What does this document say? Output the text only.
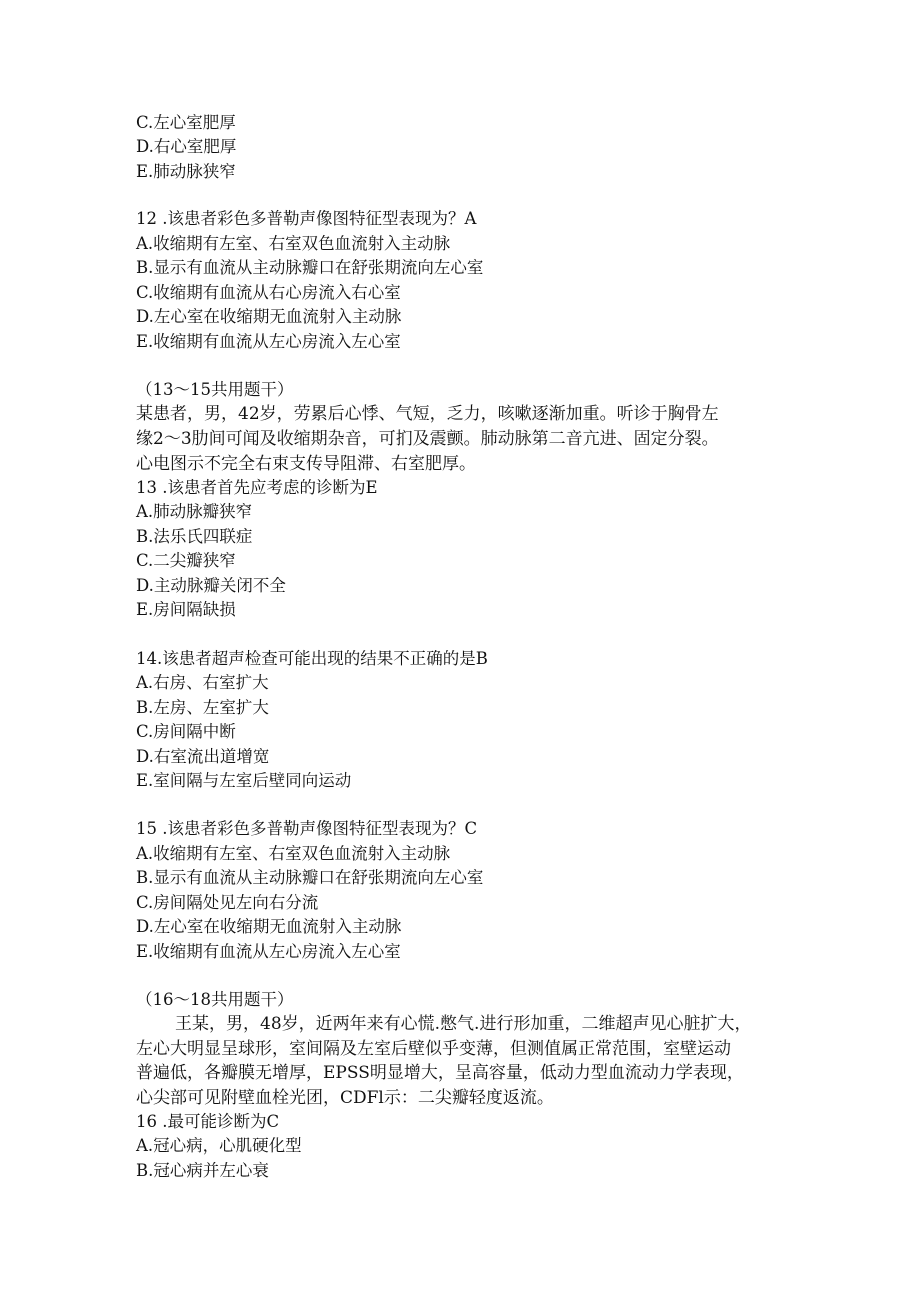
C.左心室肥厚

D.右心室肥厚

E.肺动脉狭窄

12 .该患者彩色多普勒声像图特征型表现为？A

A.收缩期有左室、右室双色血流射入主动脉

B.显示有血流从主动脉瓣口在舒张期流向左心室

C.收缩期有血流从右心房流入右心室

D.左心室在收缩期无血流射入主动脉

E.收缩期有血流从左心房流入左心室

（13～15共用题干）

某患者，男，42岁，劳累后心悸、气短，乏力，咳嗽逐渐加重。听诊于胸骨左

缘2～3肋间可闻及收缩期杂音，可扪及震颤。肺动脉第二音亢进、固定分裂。

心电图示不完全右束支传导阻滞、右室肥厚。

13 .该患者首先应考虑的诊断为E

A.肺动脉瓣狭窄

B.法乐氏四联症

C.二尖瓣狭窄

D.主动脉瓣关闭不全

E.房间隔缺损

14.该患者超声检查可能出现的结果不正确的是B

A.右房、右室扩大

B.左房、左室扩大

C.房间隔中断

D.右室流出道增宽

E.室间隔与左室后壁同向运动

15 .该患者彩色多普勒声像图特征型表现为？C

A.收缩期有左室、右室双色血流射入主动脉

B.显示有血流从主动脉瓣口在舒张期流向左心室

C.房间隔处见左向右分流

D.左心室在收缩期无血流射入主动脉

E.收缩期有血流从左心房流入左心室

（16～18共用题干）

王某，男，48岁，近两年来有心慌.憋气.进行形加重，二维超声见心脏扩大，

左心大明显呈球形，室间隔及左室后壁似乎变薄，但测值属正常范围，室壁运动

普遍低，各瓣膜无增厚，EPSS明显增大，呈高容量，低动力型血流动力学表现，

心尖部可见附壁血栓光团，CDFl示：二尖瓣轻度返流。

16 .最可能诊断为C

A.冠心病，心肌硬化型

B.冠心病并左心衰
